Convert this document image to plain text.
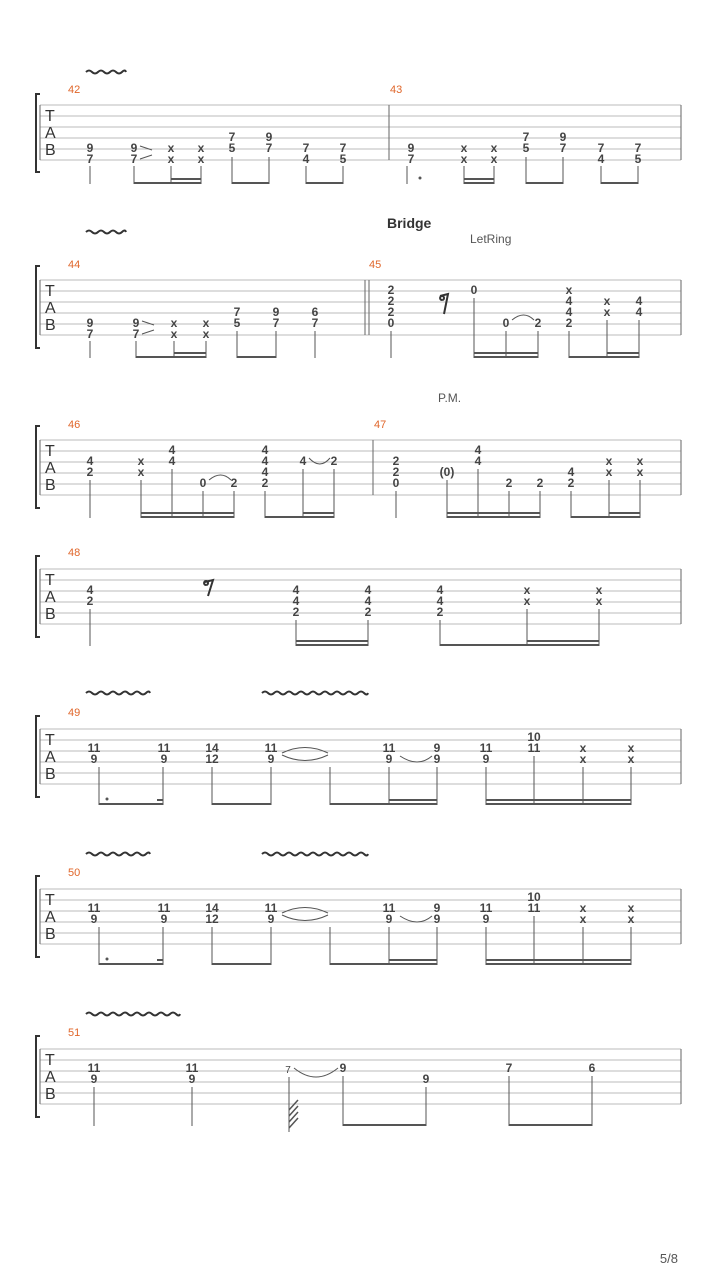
T
A
B
42	43
9
7
9
7
x
x
x
x
7
5
9
7	7
4
7
5
9
7
x
x
x
x
7
5
9
7	7
4
7
5
Bridge
LetRing
T
A
B
44	45
9
7
9
7
x
x
x
x
7
5
9
7
6
7
2
2
2
0
0
0 2
x
4
4
2
x
x
4
4
P.M.
T
A
B
46	47
4
2
x
x
4
4
0 2
4
4
4
2
4 2	2
2
0
(0)
4
4
2 2
4
2
x
x
x
x
T
A
B
48
4
2
4
4
2
4
4
2
4
4
2
x
x
x
x
T
A
B
49
11
9
11
9
14
12
11
9
11
9
9
9
11
9
10
11	x
x
x
x
T
A
B
50
11
9
11
9
14
12
11
9
11
9
9
9
11
9
10
11	x
x
x
x
T
A
B
51
11
9
11
9
7	9
9
7	6
5/8
